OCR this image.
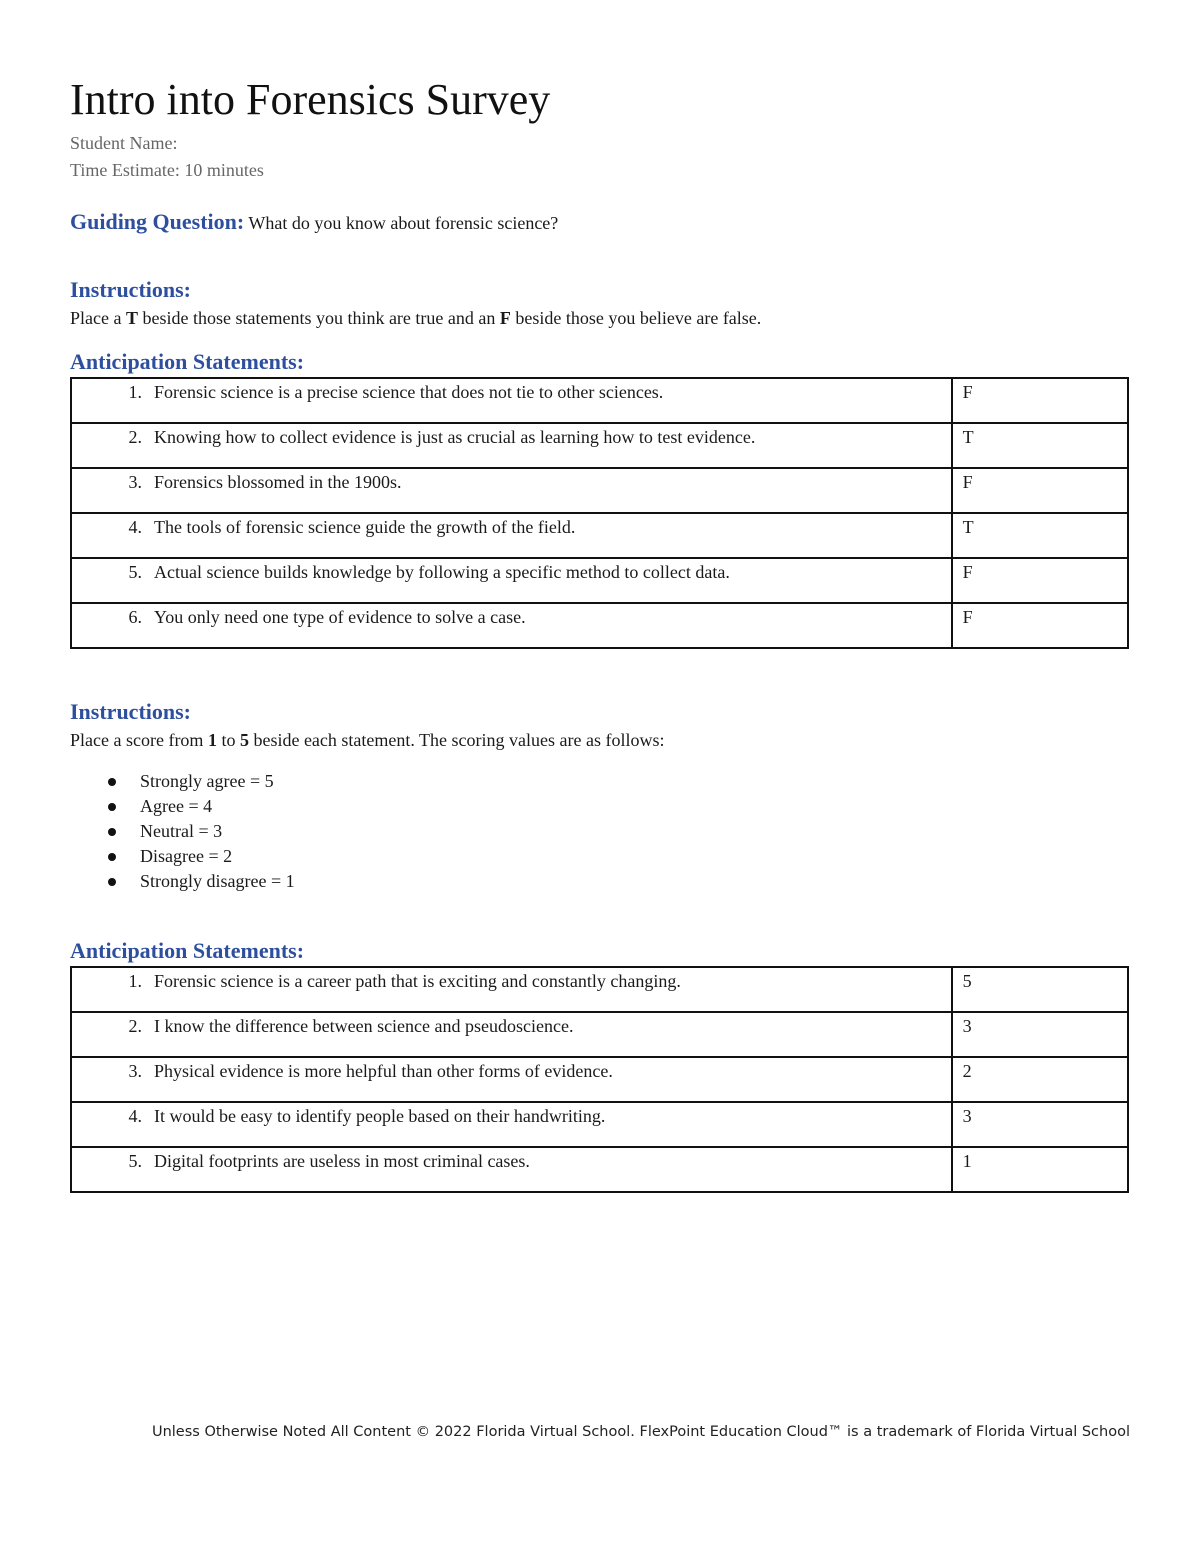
Intro into Forensics Survey
Student Name:
Time Estimate: 10 minutes
Guiding Question: What do you know about forensic science?
Instructions:
Place a T beside those statements you think are true and an F beside those you believe are false.
Anticipation Statements:
1. Forensic science is a precise science that does not tie to other sciences.	F
2. Knowing how to collect evidence is just as crucial as learning how to test evidence.	T
3. Forensics blossomed in the 1900s.	F
4. The tools of forensic science guide the growth of the field.	T
5. Actual science builds knowledge by following a specific method to collect data.	F
6. You only need one type of evidence to solve a case.	F
Instructions:
Place a score from 1 to 5 beside each statement. The scoring values are as follows:
Strongly agree = 5
Agree = 4
Neutral = 3
Disagree = 2
Strongly disagree = 1
Anticipation Statements:
1. Forensic science is a career path that is exciting and constantly changing.	5
2. I know the difference between science and pseudoscience.	3
3. Physical evidence is more helpful than other forms of evidence.	2
4. It would be easy to identify people based on their handwriting.	3
5. Digital footprints are useless in most criminal cases.	1
Unless Otherwise Noted All Content © 2022 Florida Virtual School. FlexPoint Education Cloud™ is a trademark of Florida Virtual School
